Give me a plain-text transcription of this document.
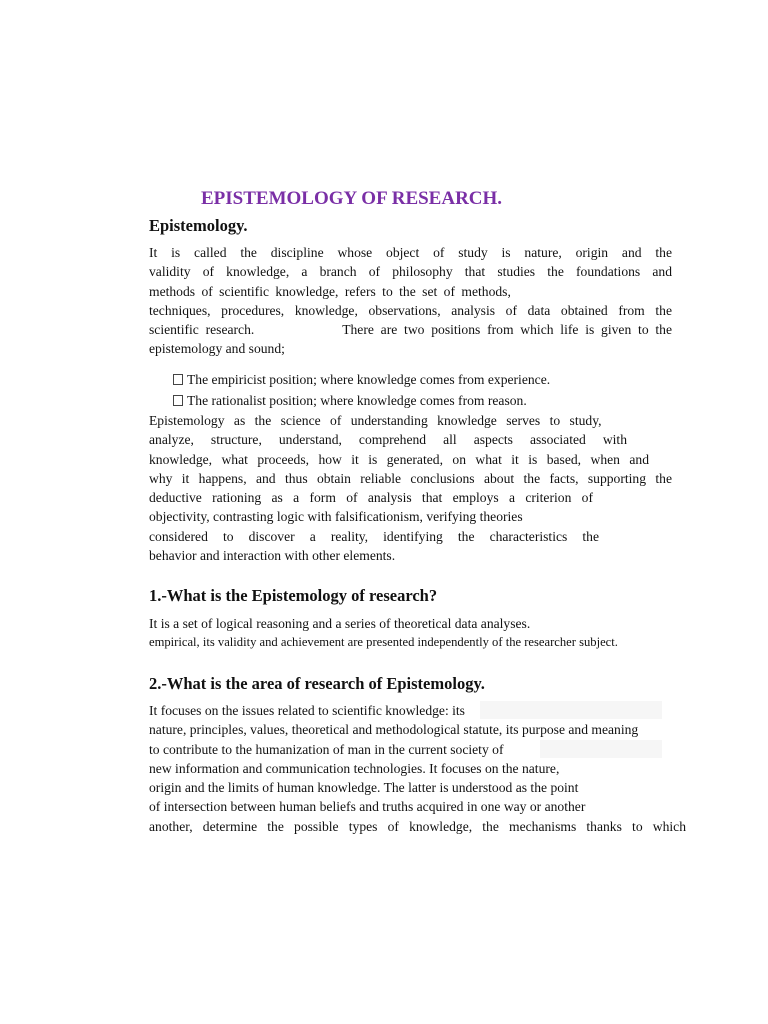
EPISTEMOLOGY OF RESEARCH.
Epistemology.
It is called the discipline whose object of study is nature, origin and the
validity of knowledge, a branch of philosophy that studies the foundations and
methods of scientific knowledge, refers to the set of methods,
techniques, procedures, knowledge, observations, analysis of data obtained from the
scientific research.             There are two positions from which life is given to the
epistemology and sound;
The empiricist position; where knowledge comes from experience.
The rationalist position; where knowledge comes from reason.
Epistemology as the science of understanding knowledge serves to study,
analyze, structure, understand, comprehend all aspects associated with
knowledge, what proceeds, how it is generated, on what it is based, when and
why it happens, and thus obtain reliable conclusions about the facts, supporting the
deductive rationing as a form of analysis that employs a criterion of
objectivity, contrasting logic with falsificationism, verifying theories
considered to discover a reality, identifying the characteristics the
behavior and interaction with other elements.
1.-What is the Epistemology of research?
It is a set of logical reasoning and a series of theoretical data analyses.
empirical, its validity and achievement are presented independently of the researcher subject.
2.-What is the area of research of Epistemology.
It focuses on the issues related to scientific knowledge: its
nature, principles, values, theoretical and methodological statute, its purpose and meaning
to contribute to the humanization of man in the current society of
new information and communication technologies. It focuses on the nature,
origin and the limits of human knowledge. The latter is understood as the point
of intersection between human beliefs and truths acquired in one way or another
another, determine the possible types of knowledge, the mechanisms thanks to which
